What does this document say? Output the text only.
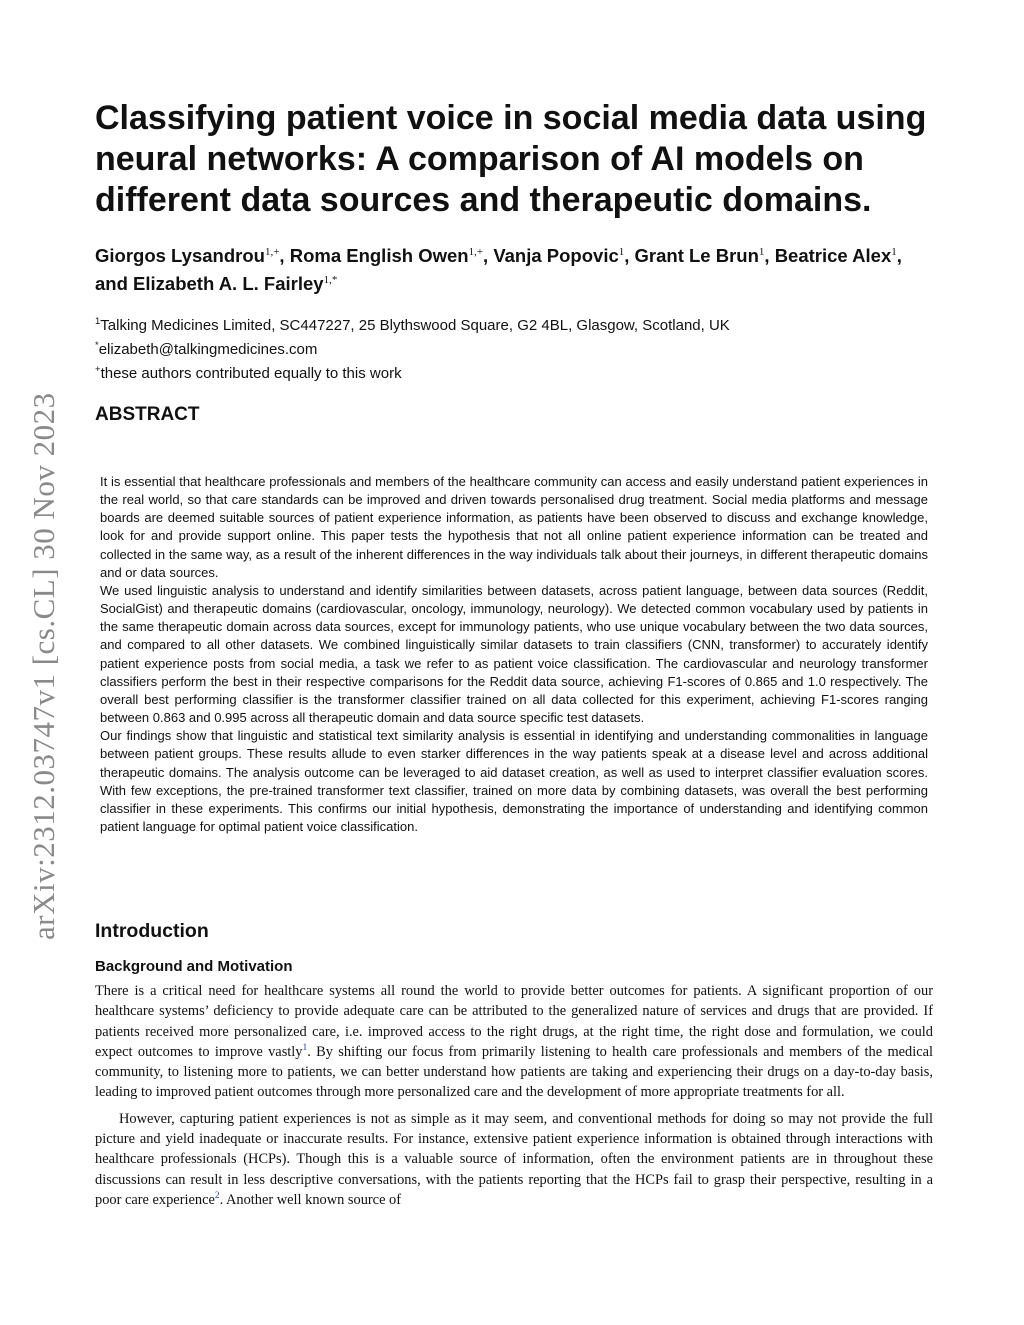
arXiv:2312.03747v1 [cs.CL] 30 Nov 2023
Classifying patient voice in social media data using neural networks: A comparison of AI models on different data sources and therapeutic domains.
Giorgos Lysandrou$^{1,+}$, Roma English Owen$^{1,+}$, Vanja Popovic$^1$, Grant Le Brun$^1$, Beatrice Alex$^1$, and Elizabeth A. L. Fairley$^{1,*}$
$^1$Talking Medicines Limited, SC447227, 25 Blythswood Square, G2 4BL, Glasgow, Scotland, UK
*elizabeth@talkingmedicines.com
+these authors contributed equally to this work
ABSTRACT

It is essential that healthcare professionals and members of the healthcare community can access and easily understand patient experiences in the real world, so that care standards can be improved and driven towards personalised drug treatment. Social media platforms and message boards are deemed suitable sources of patient experience information, as patients have been observed to discuss and exchange knowledge, look for and provide support online. This paper tests the hypothesis that not all online patient experience information can be treated and collected in the same way, as a result of the inherent differences in the way individuals talk about their journeys, in different therapeutic domains and or data sources.

We used linguistic analysis to understand and identify similarities between datasets, across patient language, between data sources (Reddit, SocialGist) and therapeutic domains (cardiovascular, oncology, immunology, neurology). We detected common vocabulary used by patients in the same therapeutic domain across data sources, except for immunology patients, who use unique vocabulary between the two data sources, and compared to all other datasets. We combined linguistically similar datasets to train classifiers (CNN, transformer) to accurately identify patient experience posts from social media, a task we refer to as patient voice classification. The cardiovascular and neurology transformer classifiers perform the best in their respective comparisons for the Reddit data source, achieving F1-scores of 0.865 and 1.0 respectively. The overall best performing classifier is the transformer classifier trained on all data collected for this experiment, achieving F1-scores ranging between 0.863 and 0.995 across all therapeutic domain and data source specific test datasets.

Our findings show that linguistic and statistical text similarity analysis is essential in identifying and understanding commonalities in language between patient groups. These results allude to even starker differences in the way patients speak at a disease level and across additional therapeutic domains. The analysis outcome can be leveraged to aid dataset creation, as well as used to interpret classifier evaluation scores. With few exceptions, the pre-trained transformer text classifier, trained on more data by combining datasets, was overall the best performing classifier in these experiments. This confirms our initial hypothesis, demonstrating the importance of understanding and identifying common patient language for optimal patient voice classification.

Introduction
Background and Motivation

There is a critical need for healthcare systems all round the world to provide better outcomes for patients. A significant proportion of our healthcare systems’ deficiency to provide adequate care can be attributed to the generalized nature of services and drugs that are provided. If patients received more personalized care, i.e. improved access to the right drugs, at the right time, the right dose and formulation, we could expect outcomes to improve vastly$^1$. By shifting our focus from primarily listening to health care professionals and members of the medical community, to listening more to patients, we can better understand how patients are taking and experiencing their drugs on a day-to-day basis, leading to improved patient outcomes through more personalized care and the development of more appropriate treatments for all.

However, capturing patient experiences is not as simple as it may seem, and conventional methods for doing so may not provide the full picture and yield inadequate or inaccurate results. For instance, extensive patient experience information is obtained through interactions with healthcare professionals (HCPs). Though this is a valuable source of information, often the environment patients are in throughout these discussions can result in less descriptive conversations, with the patients reporting that the HCPs fail to grasp their perspective, resulting in a poor care experience$^2$. Another well known source of
